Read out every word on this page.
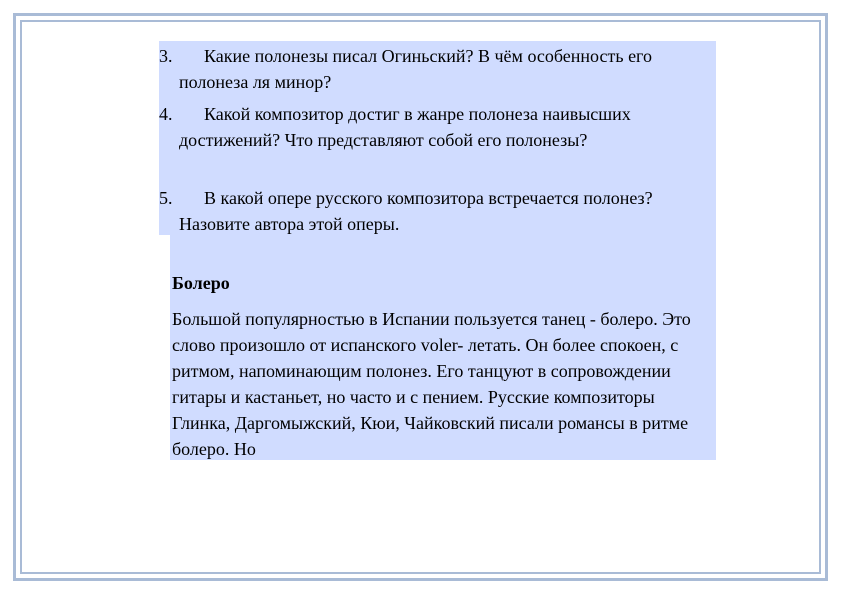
3.	Какие полонезы писал Огиньский? В чём особенность его полонеза ля минор?
4.	Какой композитор достиг в жанре полонеза наивысших достижений? Что представляют собой его полонезы?
5.	В какой опере русского композитора встречается полонез? Назовите автора этой оперы.
Болеро
Большой популярностью в Испании пользуется танец - болеро. Это слово произошло от испанского voler- летать. Он более спокоен, с ритмом, напоминающим полонез. Его танцуют в сопровождении гитары и кастаньет, но часто и с пением. Русские композиторы Глинка, Даргомыжский, Кюи, Чайковский писали романсы в ритме болеро. Но
